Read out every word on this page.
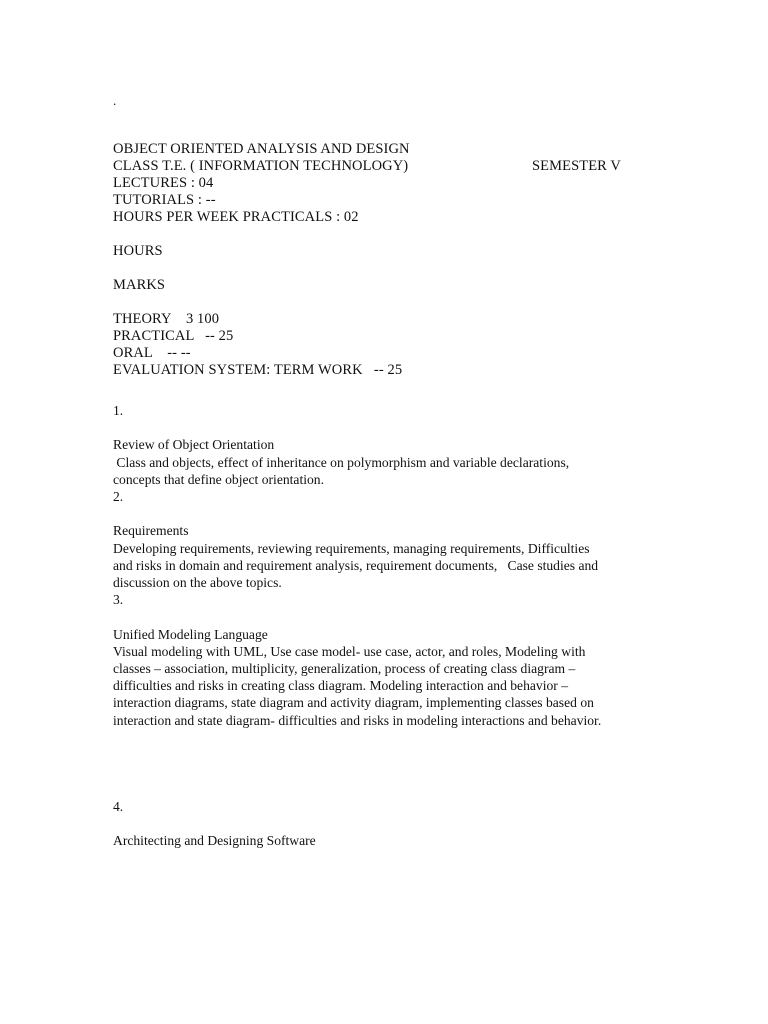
.
OBJECT ORIENTED ANALYSIS AND DESIGN
CLASS T.E. ( INFORMATION TECHNOLOGY)	SEMESTER V
LECTURES : 04
TUTORIALS : --
HOURS PER WEEK PRACTICALS : 02
HOURS
MARKS
THEORY    3 100
PRACTICAL   -- 25
ORAL    -- --
EVALUATION SYSTEM: TERM WORK   -- 25
1.
Review of Object Orientation
Class and objects, effect of inheritance on polymorphism and variable declarations,
concepts that define object orientation.
2.
Requirements
Developing requirements, reviewing requirements, managing requirements, Difficulties
and risks in domain and requirement analysis, requirement documents,   Case studies and
discussion on the above topics.
3.
Unified Modeling Language
Visual modeling with UML, Use case model- use case, actor, and roles, Modeling with
classes – association, multiplicity, generalization, process of creating class diagram –
difficulties and risks in creating class diagram. Modeling interaction and behavior –
interaction diagrams, state diagram and activity diagram, implementing classes based on
interaction and state diagram- difficulties and risks in modeling interactions and behavior.
4.
Architecting and Designing Software
